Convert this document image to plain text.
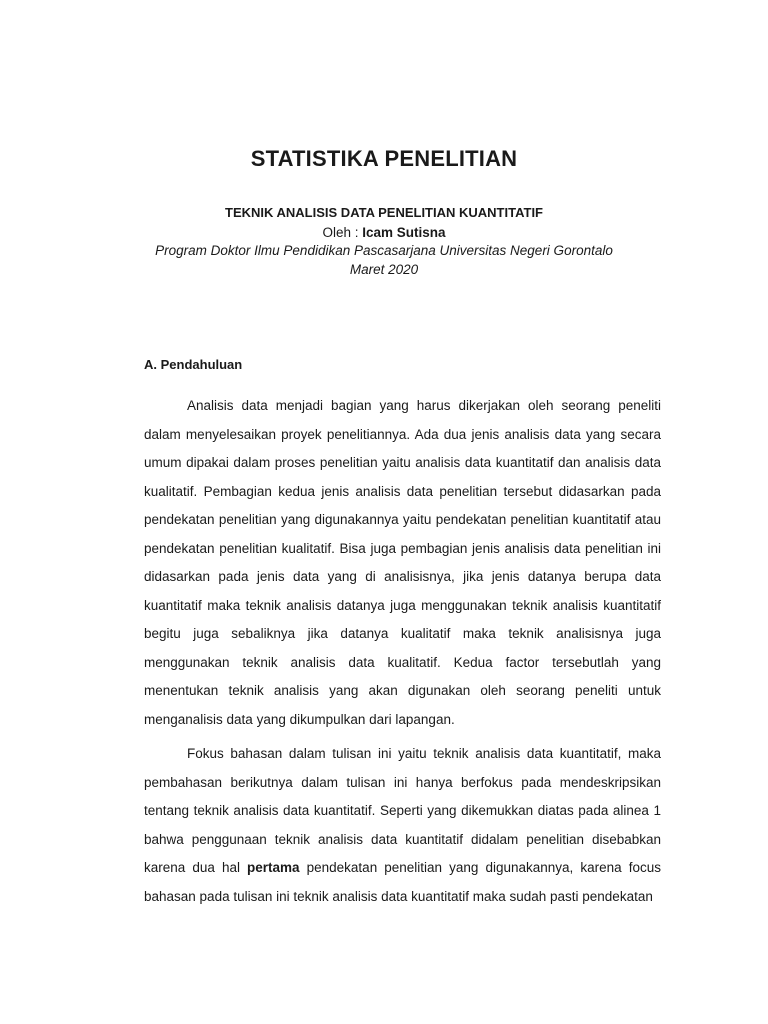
STATISTIKA PENELITIAN
TEKNIK ANALISIS DATA PENELITIAN KUANTITATIF
Oleh : Icam Sutisna
Program Doktor Ilmu Pendidikan Pascasarjana Universitas Negeri Gorontalo
Maret 2020
A. Pendahuluan

Analisis data menjadi bagian yang harus dikerjakan oleh seorang peneliti dalam menyelesaikan proyek penelitiannya. Ada dua jenis analisis data yang secara umum dipakai dalam proses penelitian yaitu analisis data kuantitatif dan analisis data kualitatif. Pembagian kedua jenis analisis data penelitian tersebut didasarkan pada pendekatan penelitian yang digunakannya yaitu pendekatan penelitian kuantitatif atau pendekatan penelitian kualitatif. Bisa juga pembagian jenis analisis data penelitian ini didasarkan pada jenis data yang di analisisnya, jika jenis datanya berupa data kuantitatif maka teknik analisis datanya juga menggunakan teknik analisis kuantitatif begitu juga sebaliknya jika datanya kualitatif maka teknik analisisnya juga menggunakan teknik analisis data kualitatif. Kedua factor tersebutlah yang menentukan teknik analisis yang akan digunakan oleh seorang peneliti untuk menganalisis data yang dikumpulkan dari lapangan.

Fokus bahasan dalam tulisan ini yaitu teknik analisis data kuantitatif, maka pembahasan berikutnya dalam tulisan ini hanya berfokus pada mendeskripsikan tentang teknik analisis data kuantitatif. Seperti yang dikemukkan diatas pada alinea 1 bahwa penggunaan teknik analisis data kuantitatif didalam penelitian disebabkan karena dua hal pertama pendekatan penelitian yang digunakannya, karena focus bahasan pada tulisan ini teknik analisis data kuantitatif maka sudah pasti pendekatan
